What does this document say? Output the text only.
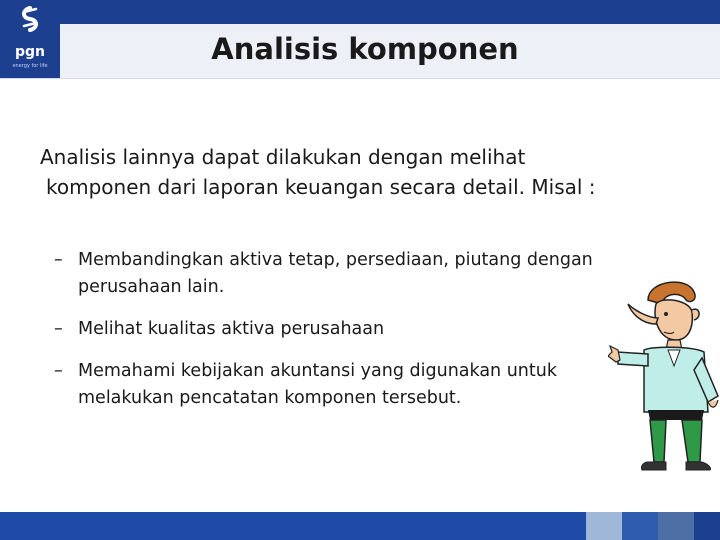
pgn
energy for life	Analisis komponen

Analisis lainnya dapat dilakukan dengan melihat komponen dari laporan keuangan secara detail. Misal :

– Membandingkan aktiva tetap, persediaan, piutang dengan perusahaan lain.
– Melihat kualitas aktiva perusahaan
– Memahami kebijakan akuntansi yang digunakan untuk melakukan pencatatan komponen tersebut.
